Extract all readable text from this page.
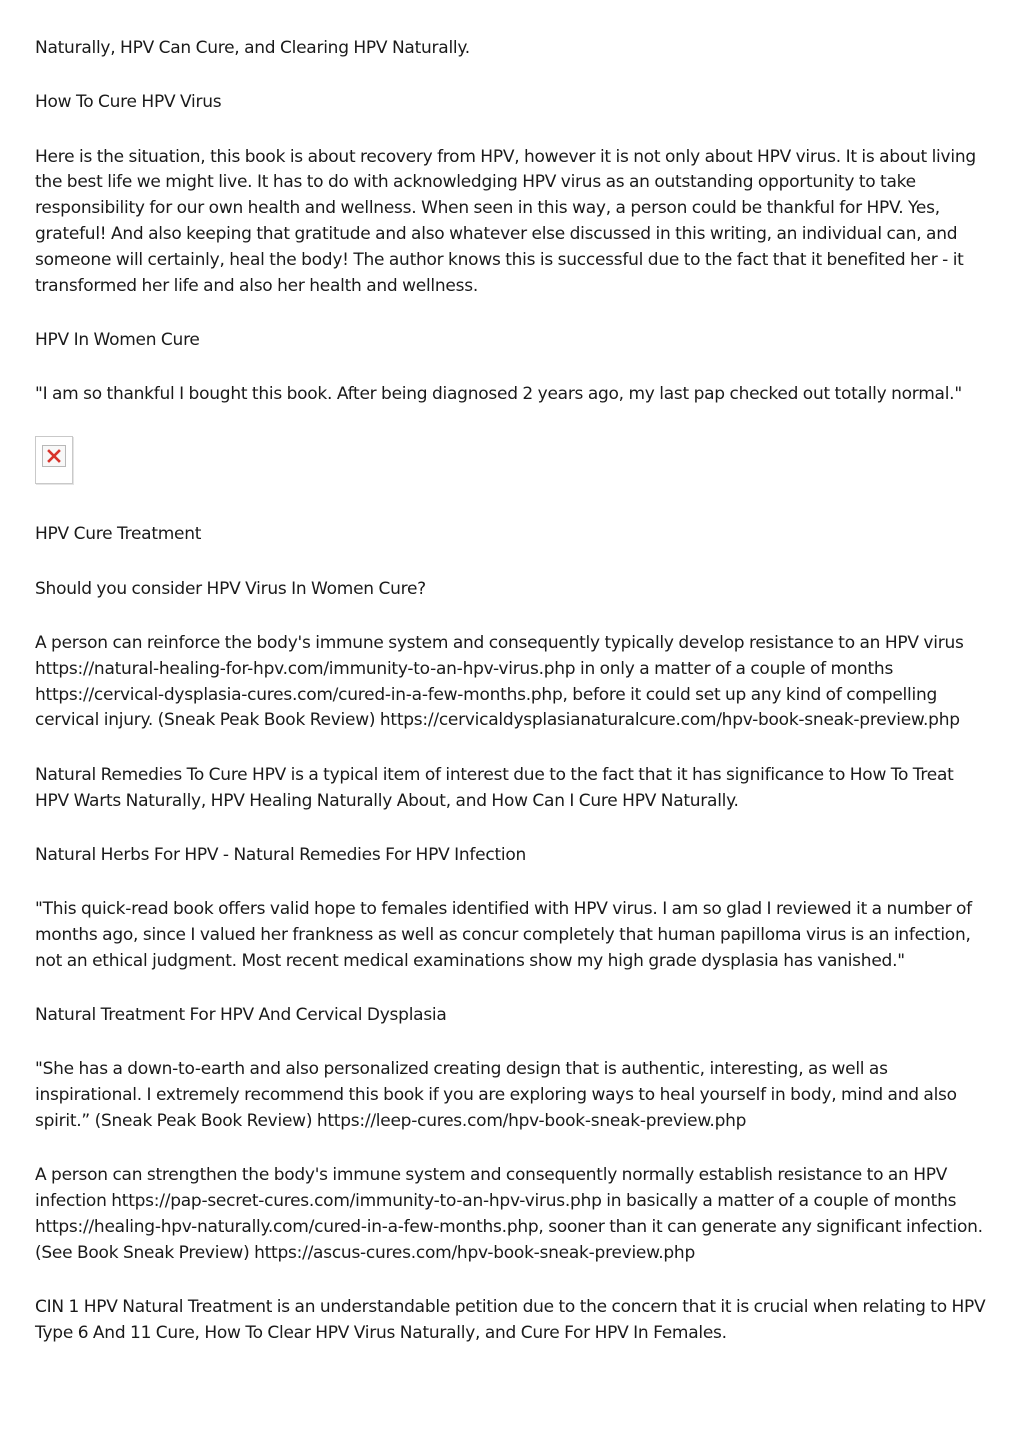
Naturally, HPV Can Cure, and Clearing HPV Naturally.

How To Cure HPV Virus

Here is the situation, this book is about recovery from HPV, however it is not only about HPV virus. It is about living the best life we might live. It has to do with acknowledging HPV virus as an outstanding opportunity to take responsibility for our own health and wellness. When seen in this way, a person could be thankful for HPV. Yes, grateful! And also keeping that gratitude and also whatever else discussed in this writing, an individual can, and someone will certainly, heal the body! The author knows this is successful due to the fact that it benefited her - it transformed her life and also her health and wellness.

HPV In Women Cure

"I am so thankful I bought this book. After being diagnosed 2 years ago, my last pap checked out totally normal."

HPV Cure Treatment

Should you consider HPV Virus In Women Cure?

A person can reinforce the body's immune system and consequently typically develop resistance to an HPV virus https://natural-healing-for-hpv.com/immunity-to-an-hpv-virus.php in only a matter of a couple of months https://cervical-dysplasia-cures.com/cured-in-a-few-months.php, before it could set up any kind of compelling cervical injury. (Sneak Peak Book Review) https://cervicaldysplasianaturalcure.com/hpv-book-sneak-preview.php

Natural Remedies To Cure HPV is a typical item of interest due to the fact that it has significance to How To Treat HPV Warts Naturally, HPV Healing Naturally About, and How Can I Cure HPV Naturally.

Natural Herbs For HPV - Natural Remedies For HPV Infection

"This quick-read book offers valid hope to females identified with HPV virus. I am so glad I reviewed it a number of months ago, since I valued her frankness as well as concur completely that human papilloma virus is an infection, not an ethical judgment. Most recent medical examinations show my high grade dysplasia has vanished."

Natural Treatment For HPV And Cervical Dysplasia

"She has a down-to-earth and also personalized creating design that is authentic, interesting, as well as inspirational. I extremely recommend this book if you are exploring ways to heal yourself in body, mind and also spirit.” (Sneak Peak Book Review) https://leep-cures.com/hpv-book-sneak-preview.php

A person can strengthen the body's immune system and consequently normally establish resistance to an HPV infection https://pap-secret-cures.com/immunity-to-an-hpv-virus.php in basically a matter of a couple of months https://healing-hpv-naturally.com/cured-in-a-few-months.php, sooner than it can generate any significant infection. (See Book Sneak Preview) https://ascus-cures.com/hpv-book-sneak-preview.php

CIN 1 HPV Natural Treatment is an understandable petition due to the concern that it is crucial when relating to HPV Type 6 And 11 Cure, How To Clear HPV Virus Naturally, and Cure For HPV In Females.
